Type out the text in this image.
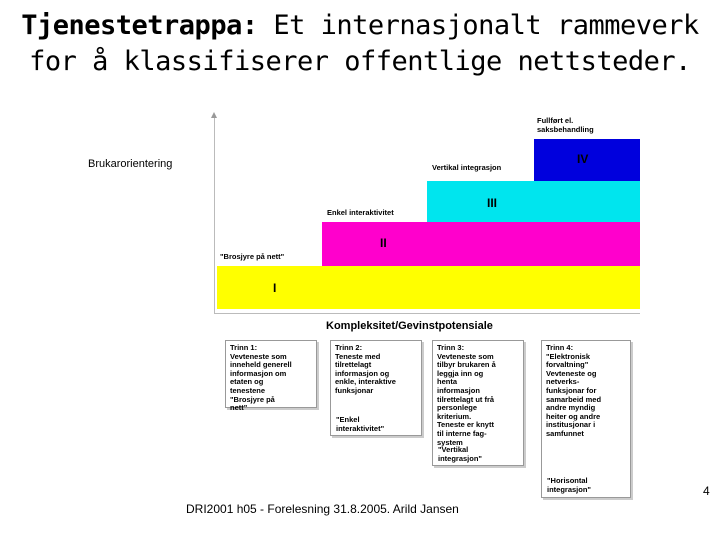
Tjenestetrappa: Et internasjonalt rammeverk
for å klassifiserer offentlige nettsteder.
Brukarorientering
Kompleksitet/Gevinstpotensiale
I
II
III
IV
"Brosjyre på nett"
Enkel interaktivitet
Vertikal integrasjon
Fullført el.
saksbehandling
Trinn 1:
Vevteneste som
inneheld generell
informasjon om
etaten og
tenestene
"Brosjyre på
nett"
Trinn 2:
Teneste med
tilrettelagt
informasjon og
enkle, interaktive
funksjonar
"Enkel
interaktivitet"
Trinn 3:
Vevteneste som
tilbyr brukaren å
leggja inn og
henta
informasjon
tilrettelagt ut frå
personlege
kriterium.
Teneste er knytt
til interne fag-
system
"Vertikal
integrasjon"
Trinn 4:
"Elektronisk
forvaltning"
Vevteneste og
netverks-
funksjonar for
samarbeid med
andre myndig
heiter og andre
institusjonar i
samfunnet
"Horisontal
integrasjon"
DRI2001 h05 - Forelesning 31.8.2005. Arild Jansen
4
